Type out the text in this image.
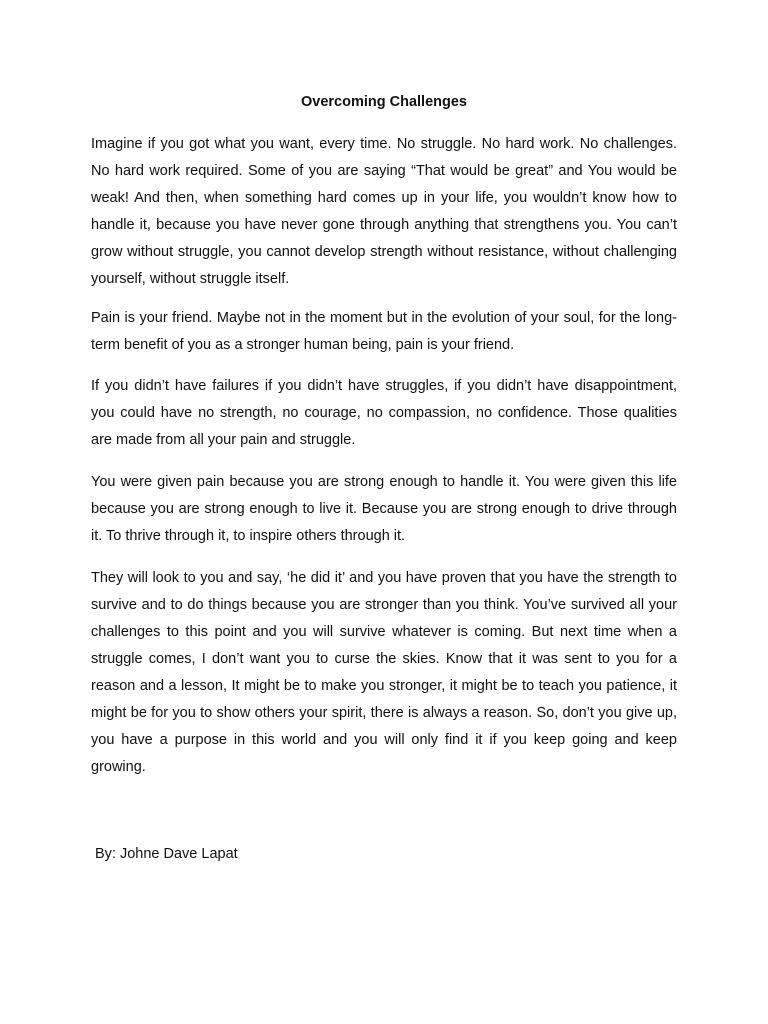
Overcoming Challenges

Imagine if you got what you want, every time. No struggle. No hard work. No challenges. No hard work required. Some of you are saying “That would be great” and You would be weak! And then, when something hard comes up in your life, you wouldn’t know how to handle it, because you have never gone through anything that strengthens you. You can’t grow without struggle, you cannot develop strength without resistance, without challenging yourself, without struggle itself.

Pain is your friend. Maybe not in the moment but in the evolution of your soul, for the long-term benefit of you as a stronger human being, pain is your friend.

If you didn’t have failures if you didn’t have struggles, if you didn’t have disappointment, you could have no strength, no courage, no compassion, no confidence. Those qualities are made from all your pain and struggle.

You were given pain because you are strong enough to handle it. You were given this life because you are strong enough to live it. Because you are strong enough to drive through it. To thrive through it, to inspire others through it.

They will look to you and say, ‘he did it’ and you have proven that you have the strength to survive and to do things because you are stronger than you think. You’ve survived all your challenges to this point and you will survive whatever is coming. But next time when a struggle comes, I don’t want you to curse the skies. Know that it was sent to you for a reason and a lesson, It might be to make you stronger, it might be to teach you patience, it might be for you to show others your spirit, there is always a reason. So, don’t you give up, you have a purpose in this world and you will only find it if you keep going and keep growing.

By: Johne Dave Lapat
